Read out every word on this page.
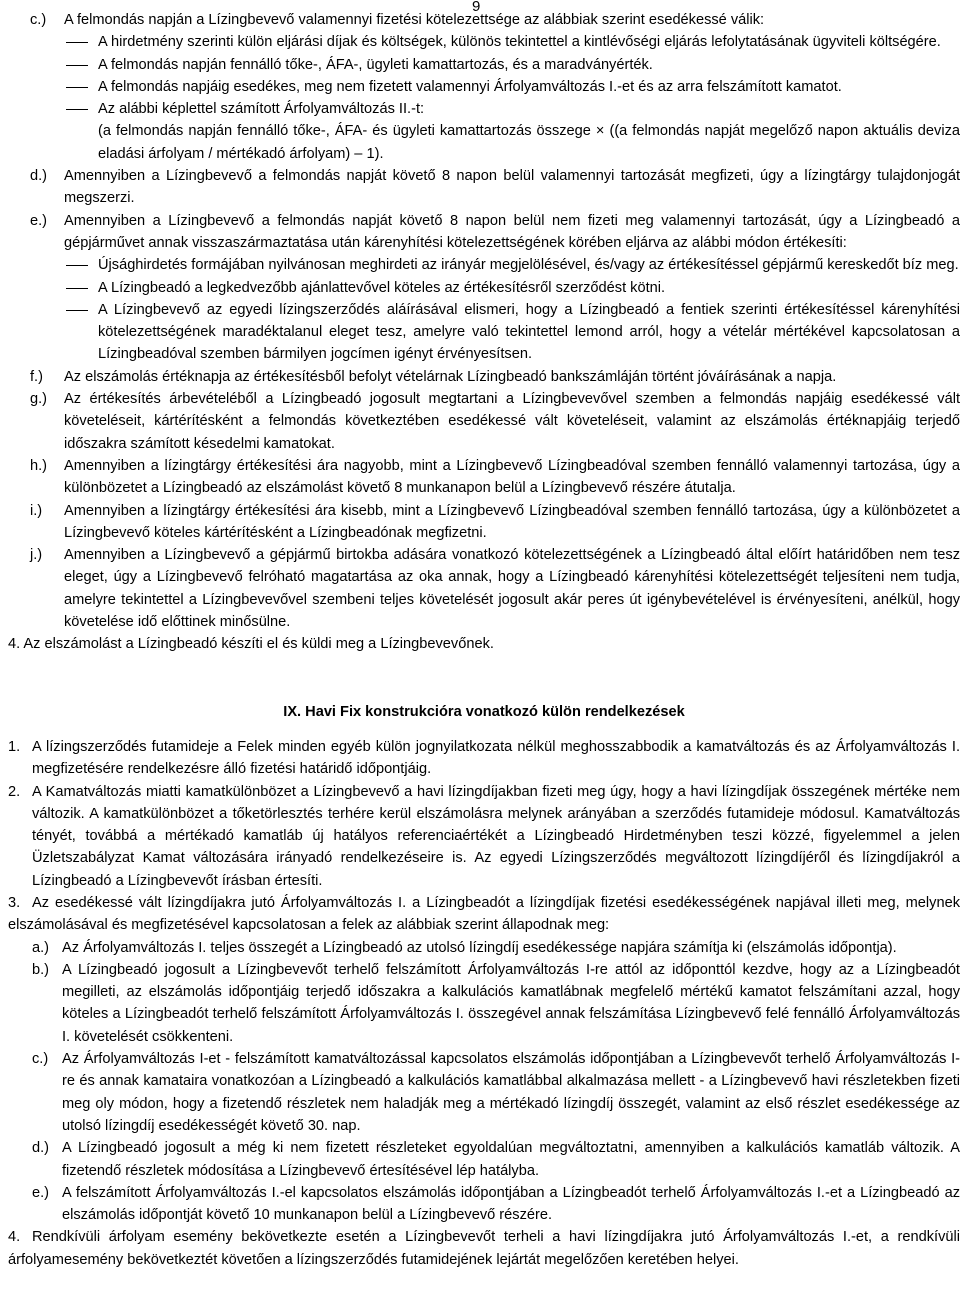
9
c.) A felmondás napján a Lízingbevevő valamennyi fizetési kötelezettsége az alábbiak szerint esedékessé válik:
A hirdetmény szerinti külön eljárási díjak és költségek, különös tekintettel a kintlévőségi eljárás lefolytatásának ügyviteli költségére.
A felmondás napján fennálló tőke-, ÁFA-, ügyleti kamattartozás, és a maradványérték.
A felmondás napjáig esedékes, meg nem fizetett valamennyi Árfolyamváltozás I.-et és az arra felszámított kamatot.
Az alábbi képlettel számított Árfolyamváltozás II.-t:
(a felmondás napján fennálló tőke-, ÁFA- és ügyleti kamattartozás összege × ((a felmondás napját megelőző napon aktuális deviza eladási árfolyam / mértékadó árfolyam) – 1).
d.) Amennyiben a Lízingbevevő a felmondás napját követő 8 napon belül valamennyi tartozását megfizeti, úgy a lízingtárgy tulajdonjogát megszerzi.
e.) Amennyiben a Lízingbevevő a felmondás napját követő 8 napon belül nem fizeti meg valamennyi tartozását, úgy a Lízingbeadó a gépjárművet annak visszaszármaztatása után kárenyhítési kötelezettségének körében eljárva az alábbi módon értékesíti:
Újsághirdetés formájában nyilvánosan meghirdeti az irányár megjelölésével, és/vagy az értékesítéssel gépjármű kereskedőt bíz meg.
A Lízingbeadó a legkedvezőbb ajánlattevővel köteles az értékesítésről szerződést kötni.
A Lízingbevevő az egyedi lízingszerződés aláírásával elismeri, hogy a Lízingbeadó a fentiek szerinti értékesítéssel kárenyhítési kötelezettségének maradéktalanul eleget tesz, amelyre való tekintettel lemond arról, hogy a vételár mértékével kapcsolatosan a Lízingbeadóval szemben bármilyen jogcímen igényt érvényesítsen.
f.) Az elszámolás értéknapja az értékesítésből befolyt vételárnak Lízingbeadó bankszámláján történt jóváírásának a napja.
g.) Az értékesítés árbevételéből a Lízingbeadó jogosult megtartani a Lízingbevevővel szemben a felmondás napjáig esedékessé vált követeléseit, kártérítésként a felmondás következtében esedékessé vált követeléseit, valamint az elszámolás értéknapjáig terjedő időszakra számított késedelmi kamatokat.
h.) Amennyiben a lízingtárgy értékesítési ára nagyobb, mint a Lízingbevevő Lízingbeadóval szemben fennálló valamennyi tartozása, úgy a különbözetet a Lízingbeadó az elszámolást követő 8 munkanapon belül a Lízingbevevő részére átutalja.
i.) Amennyiben a lízingtárgy értékesítési ára kisebb, mint a Lízingbevevő Lízingbeadóval szemben fennálló tartozása, úgy a különbözetet a Lízingbevevő köteles kártérítésként a Lízingbeadónak megfizetni.
j.) Amennyiben a Lízingbevevő a gépjármű birtokba adására vonatkozó kötelezettségének a Lízingbeadó által előírt határidőben nem tesz eleget, úgy a Lízingbevevő felróható magatartása az oka annak, hogy a Lízingbeadó kárenyhítési kötelezettségét teljesíteni nem tudja, amelyre tekintettel a Lízingbevevővel szembeni teljes követelését jogosult akár peres út igénybevételével is érvényesíteni, anélkül, hogy követelése idő előttinek minősülne.

4. Az elszámolást a Lízingbeadó készíti el és küldi meg a Lízingbevevőnek.

IX. Havi Fix konstrukcióra vonatkozó külön rendelkezések

1. A lízingszerződés futamideje a Felek minden egyéb külön jognyilatkozata nélkül meghosszabbodik a kamatváltozás és az Árfolyamváltozás I. megfizetésére rendelkezésre álló fizetési határidő időpontjáig.
2. A Kamatváltozás miatti kamatkülönbözet a Lízingbevevő a havi lízingdíjakban fizeti meg úgy, hogy a havi lízingdíjak összegének mértéke nem változik. A kamatkülönbözet a tőketörlesztés terhére kerül elszámolásra melynek arányában a szerződés futamideje módosul. Kamatváltozás tényét, továbbá a mértékadó kamatláb új hatályos referenciaértékét a Lízingbeadó Hirdetményben teszi közzé, figyelemmel a jelen Üzletszabályzat Kamat változására irányadó rendelkezéseire is. Az egyedi Lízingszerződés megváltozott lízingdíjéről és lízingdíjakról a Lízingbeadó a Lízingbevevőt írásban értesíti.
3. Az esedékessé vált lízingdíjakra jutó Árfolyamváltozás I. a Lízingbeadót a lízingdíjak fizetési esedékességének napjával illeti meg, melynek elszámolásával és megfizetésével kapcsolatosan a felek az alábbiak szerint állapodnak meg:
a.) Az Árfolyamváltozás I. teljes összegét a Lízingbeadó az utolsó lízingdíj esedékessége napjára számítja ki (elszámolás időpontja).
b.) A Lízingbeadó jogosult a Lízingbevevőt terhelő felszámított Árfolyamváltozás I-re attól az időponttól kezdve, hogy az a Lízingbeadót megilleti, az elszámolás időpontjáig terjedő időszakra a kalkulációs kamatlábnak megfelelő mértékű kamatot felszámítani azzal, hogy köteles a Lízingbeadót terhelő felszámított Árfolyamváltozás I. összegével annak felszámítása Lízingbevevő felé fennálló Árfolyamváltozás I. követelését csökkenteni.
c.) Az Árfolyamváltozás I-et - felszámított kamatváltozással kapcsolatos elszámolás időpontjában a Lízingbevevőt terhelő Árfolyamváltozás I-re és annak kamataira vonatkozóan a Lízingbeadó a kalkulációs kamatlábbal alkalmazása mellett - a Lízingbevevő havi részletekben fizeti meg oly módon, hogy a fizetendő részletek nem haladják meg a mértékadó lízingdíj összegét, valamint az első részlet esedékessége az utolsó lízingdíj esedékességét követő 30. nap.
d.) A Lízingbeadó jogosult a még ki nem fizetett részleteket egyoldalúan megváltoztatni, amennyiben a kalkulációs kamatláb változik. A fizetendő részletek módosítása a Lízingbevevő értesítésével lép hatályba.
e.) A felszámított Árfolyamváltozás I.-el kapcsolatos elszámolás időpontjában a Lízingbeadót terhelő Árfolyamváltozás I.-et a Lízingbeadó az elszámolás időpontját követő 10 munkanapon belül a Lízingbevevő részére.
4. Rendkívüli árfolyam esemény bekövetkezte esetén a Lízingbevevőt terheli a havi lízingdíjakra jutó Árfolyamváltozás I.-et, a rendkívüli árfolyamesemény bekövetkeztét követően a lízingszerződés futamidejének lejártát megelőzően keretében helyei.
